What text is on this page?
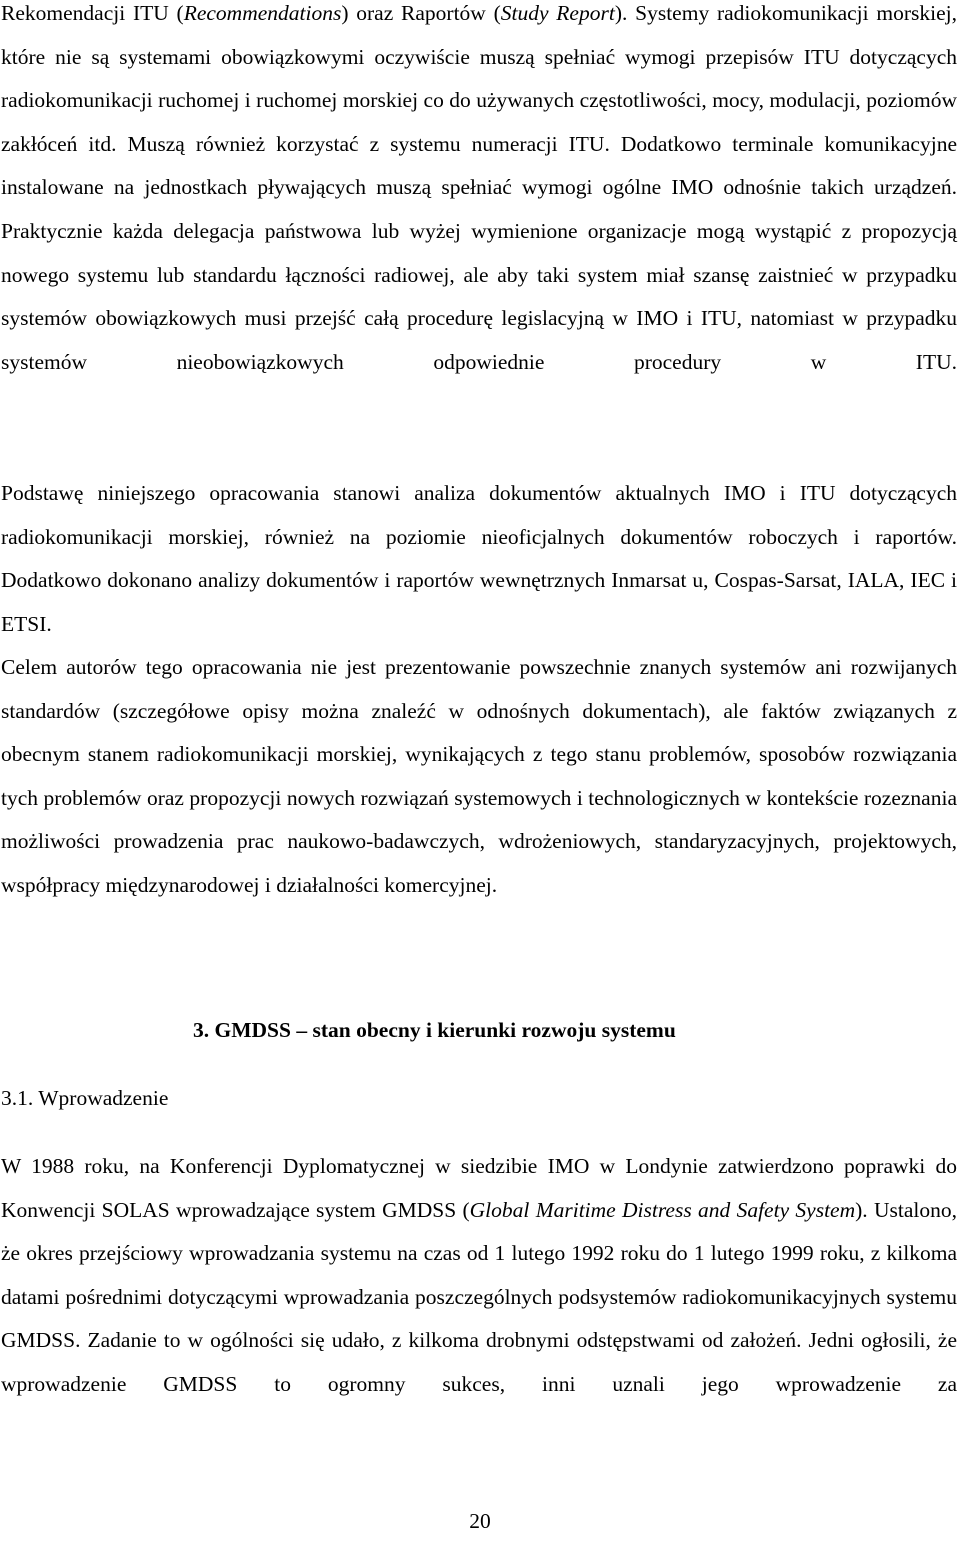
Rekomendacji ITU (Recommendations) oraz Raportów (Study Report). Systemy radiokomunikacji morskiej, które nie są systemami obowiązkowymi oczywiście muszą spełniać wymogi przepisów ITU dotyczących radiokomunikacji ruchomej i ruchomej morskiej co do używanych częstotliwości, mocy, modulacji, poziomów zakłóceń itd. Muszą również korzystać z systemu numeracji ITU. Dodatkowo terminale komunikacyjne instalowane na jednostkach pływających muszą spełniać wymogi ogólne IMO odnośnie takich urządzeń. Praktycznie każda delegacja państwowa lub wyżej wymienione organizacje mogą wystąpić z propozycją nowego systemu lub standardu łączności radiowej, ale aby taki system miał szansę zaistnieć w przypadku systemów obowiązkowych musi przejść całą procedurę legislacyjną w IMO i ITU, natomiast w przypadku systemów nieobowiązkowych odpowiednie procedury w ITU.

Podstawę niniejszego opracowania stanowi analiza dokumentów aktualnych IMO i ITU dotyczących radiokomunikacji morskiej, również na poziomie nieoficjalnych dokumentów roboczych i raportów. Dodatkowo dokonano analizy dokumentów i raportów wewnętrznych Inmarsat u, Cospas-Sarsat, IALA, IEC i ETSI.

Celem autorów tego opracowania nie jest prezentowanie powszechnie znanych systemów ani rozwijanych standardów (szczegółowe opisy można znaleźć w odnośnych dokumentach), ale faktów związanych z obecnym stanem radiokomunikacji morskiej, wynikających z tego stanu problemów, sposobów rozwiązania tych problemów oraz propozycji nowych rozwiązań systemowych i technologicznych w kontekście rozeznania możliwości prowadzenia prac naukowo-badawczych, wdrożeniowych, standaryzacyjnych, projektowych, współpracy międzynarodowej i działalności komercyjnej.

3. GMDSS – stan obecny i kierunki rozwoju systemu
3.1. Wprowadzenie

W 1988 roku, na Konferencji Dyplomatycznej w siedzibie IMO w Londynie zatwierdzono poprawki do Konwencji SOLAS wprowadzające system GMDSS (Global Maritime Distress and Safety System). Ustalono, że okres przejściowy wprowadzania systemu na czas od 1 lutego 1992 roku do 1 lutego 1999 roku, z kilkoma datami pośrednimi dotyczącymi wprowadzania poszczególnych podsystemów radiokomunikacyjnych systemu GMDSS. Zadanie to w ogólności się udało, z kilkoma drobnymi odstępstwami od założeń. Jedni ogłosili, że wprowadzenie GMDSS to ogromny sukces, inni uznali jego wprowadzenie za

20
